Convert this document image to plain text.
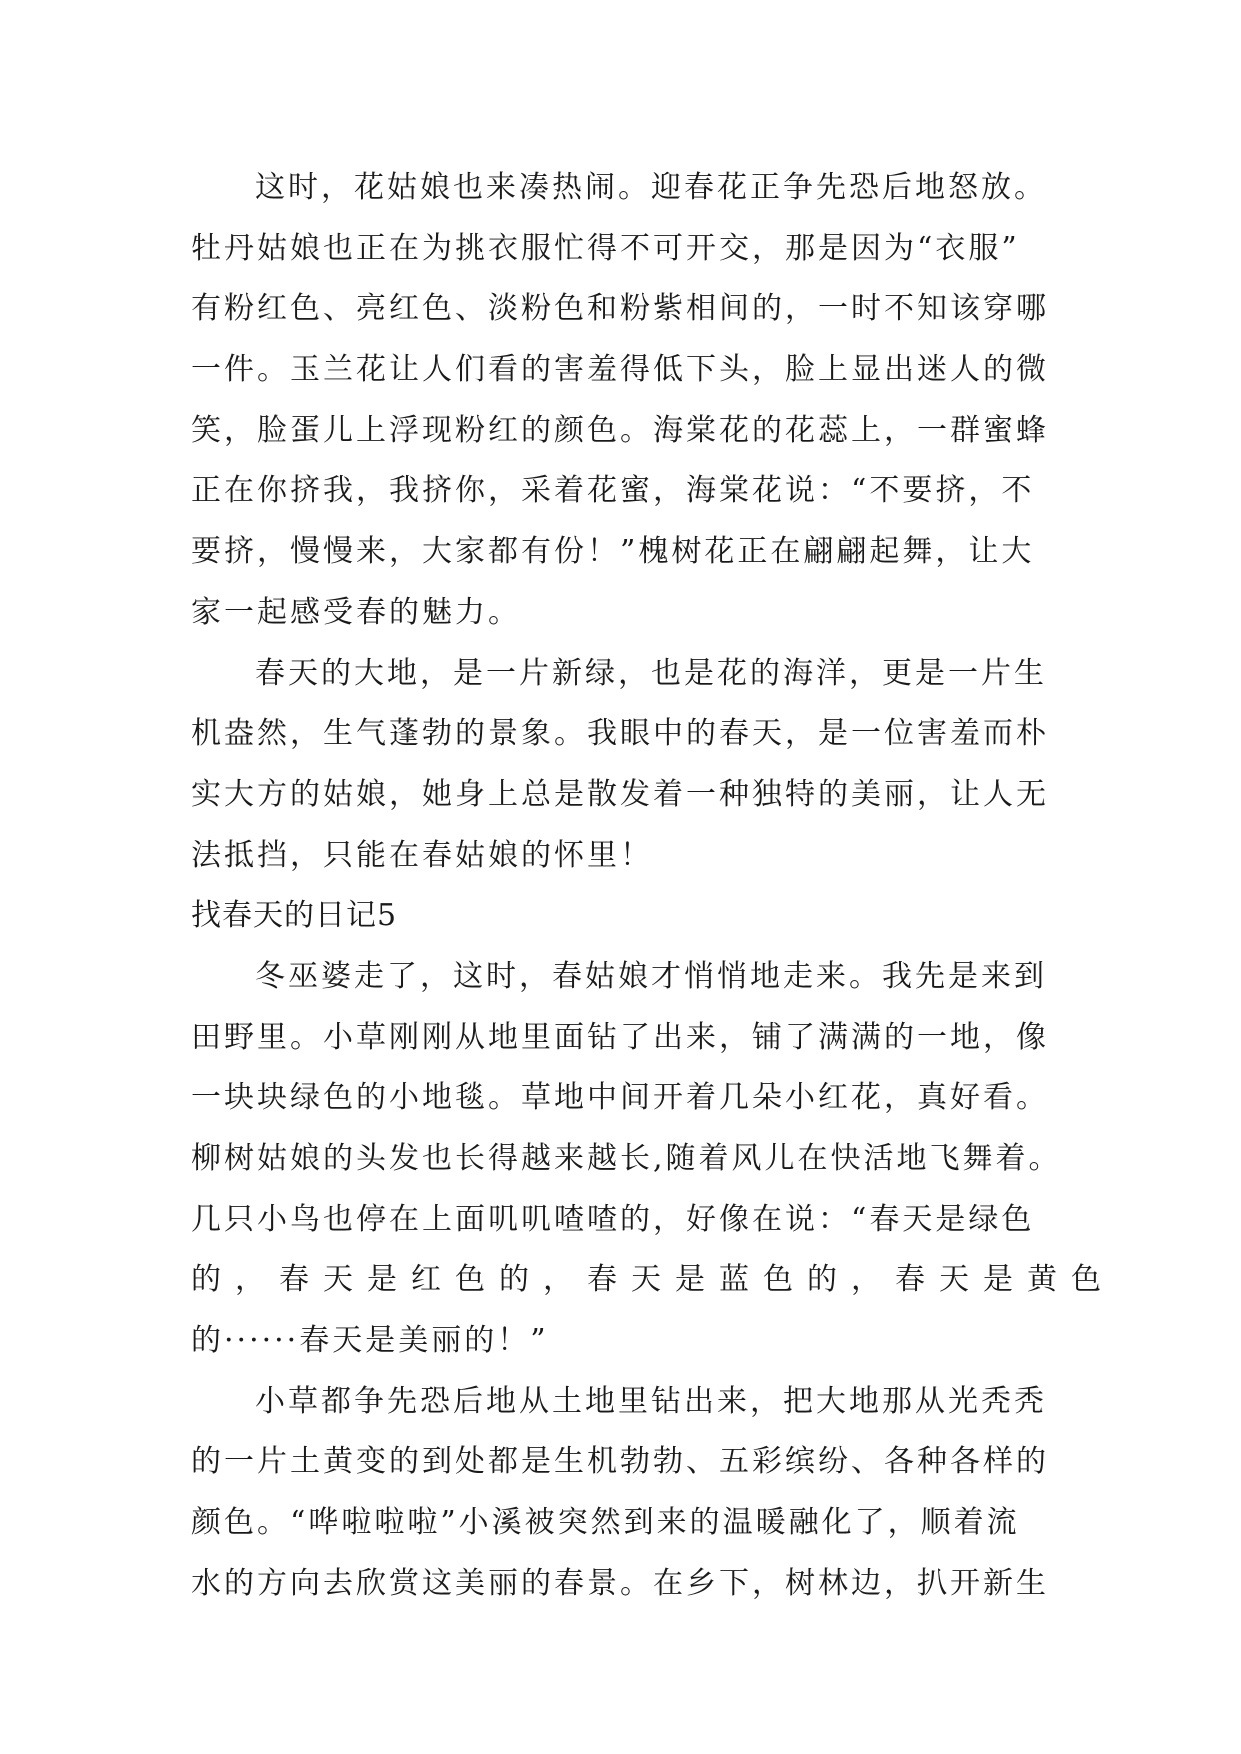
这时，花姑娘也来凑热闹。迎春花正争先恐后地怒放。
牡丹姑娘也正在为挑衣服忙得不可开交，那是因为“衣服”
有粉红色、亮红色、淡粉色和粉紫相间的，一时不知该穿哪
一件。玉兰花让人们看的害羞得低下头，脸上显出迷人的微
笑，脸蛋儿上浮现粉红的颜色。海棠花的花蕊上，一群蜜蜂
正在你挤我，我挤你，采着花蜜，海棠花说：“不要挤，不
要挤，慢慢来，大家都有份！”槐树花正在翩翩起舞，让大
家一起感受春的魅力。
春天的大地，是一片新绿，也是花的海洋，更是一片生
机盎然，生气蓬勃的景象。我眼中的春天，是一位害羞而朴
实大方的姑娘，她身上总是散发着一种独特的美丽，让人无
法抵挡，只能在春姑娘的怀里！
找春天的日记5
冬巫婆走了，这时，春姑娘才悄悄地走来。我先是来到
田野里。小草刚刚从地里面钻了出来，铺了满满的一地，像
一块块绿色的小地毯。草地中间开着几朵小红花，真好看。
柳树姑娘的头发也长得越来越长,随着风儿在快活地飞舞着。
几只小鸟也停在上面叽叽喳喳的，好像在说：“春天是绿色
的，春天是红色的，春天是蓝色的，春天是黄色
的······春天是美丽的！”
小草都争先恐后地从土地里钻出来，把大地那从光秃秃
的一片土黄变的到处都是生机勃勃、五彩缤纷、各种各样的
颜色。“哗啦啦啦”小溪被突然到来的温暖融化了，顺着流
水的方向去欣赏这美丽的春景。在乡下，树林边，扒开新生
